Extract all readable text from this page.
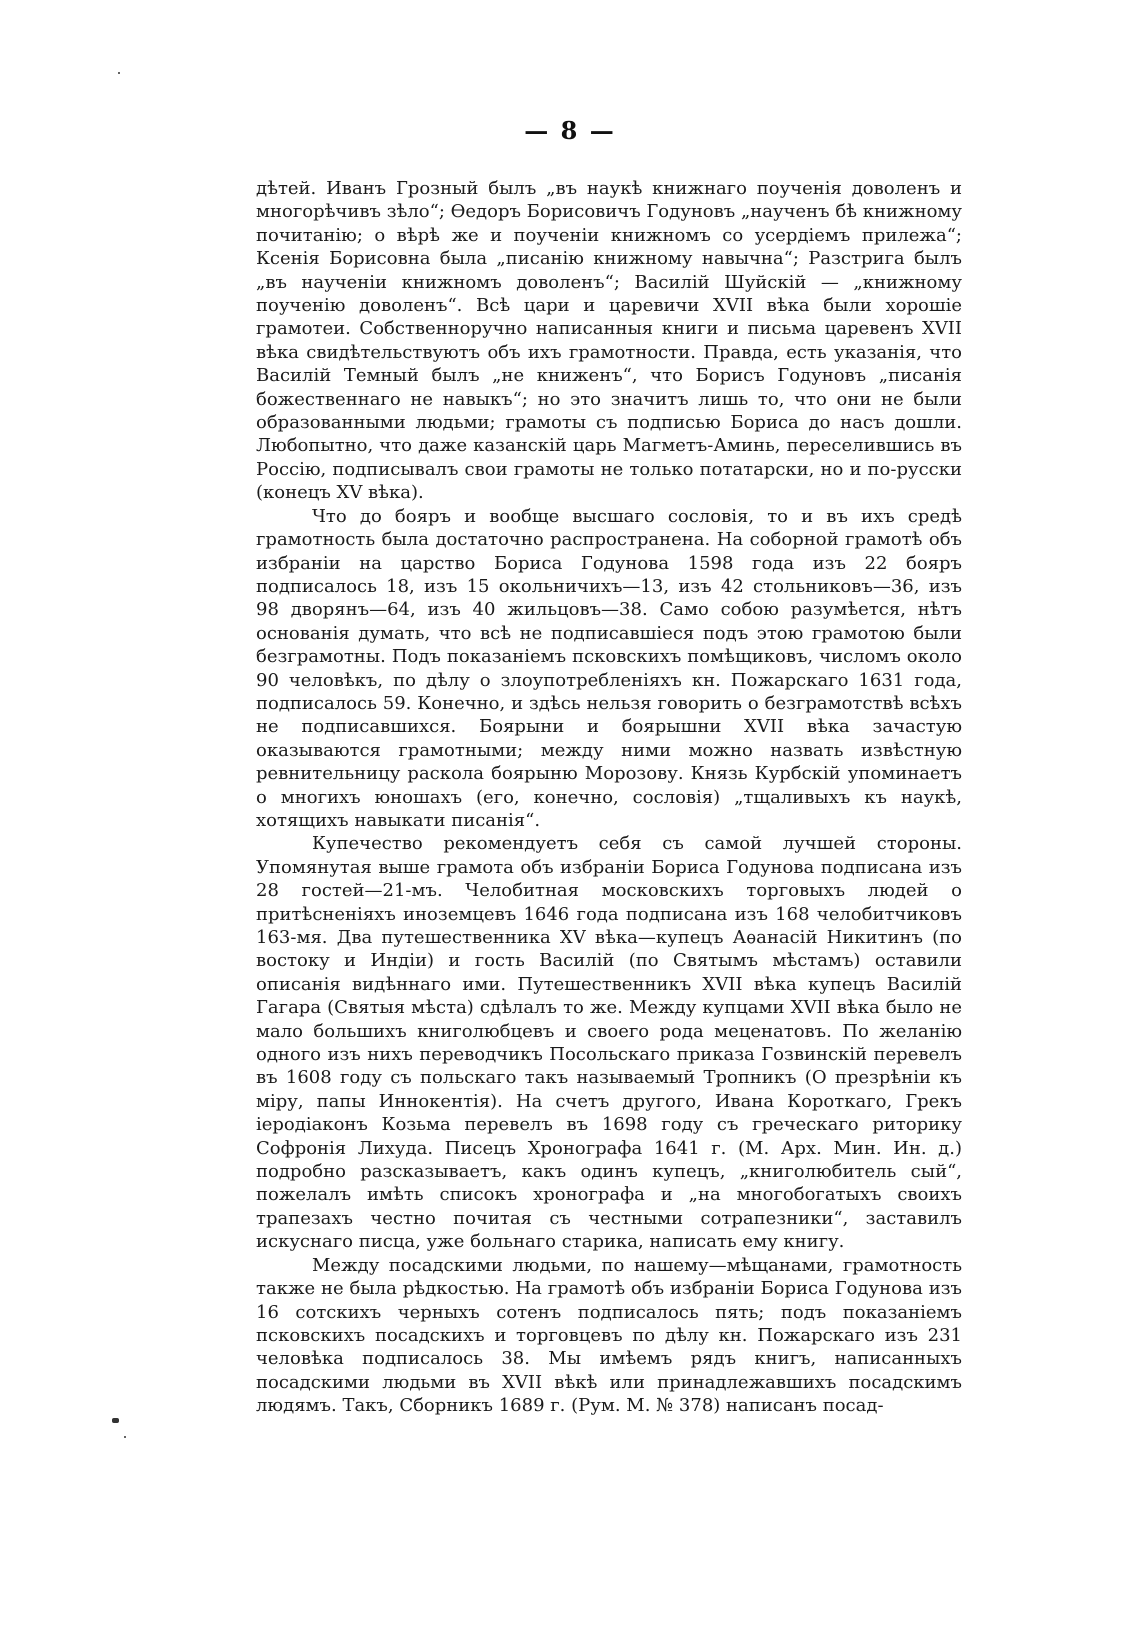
— 8 —

дѣтей. Иванъ Грозный былъ „въ наукѣ книжнаго поученія доволенъ и многорѣчивъ зѣло“; Ѳедоръ Борисовичъ Годуновъ „наученъ бѣ книжному почитанію; о вѣрѣ же и поученіи книжномъ со усердіемъ прилежа“; Ксенія Борисовна была „писанію книжному навычна“; Разстрига былъ „въ наученіи книжномъ доволенъ“; Василій Шуйскій — „книжному поученію доволенъ“. Всѣ цари и царевичи XVII вѣка были хорошіе грамотеи. Собственноручно написанныя книги и письма царевенъ XVII вѣка свидѣтельствуютъ объ ихъ грамотности. Правда, есть указанія, что Василій Темный былъ „не книженъ“, что Борисъ Годуновъ „писанія божественнаго не навыкъ“; но это значитъ лишь то, что они не были образованными людьми; грамоты съ подписью Бориса до насъ дошли. Любопытно, что даже казанскій царь Магметъ-Аминь, переселившись въ Россію, подписывалъ свои грамоты не только потатарски, но и по-русски (конецъ XV вѣка).

Что до бояръ и вообще высшаго сословія, то и въ ихъ средѣ грамотность была достаточно распространена. На соборной грамотѣ объ избраніи на царство Бориса Годунова 1598 года изъ 22 бояръ подписалось 18, изъ 15 окольничихъ—13, изъ 42 стольниковъ—36, изъ 98 дворянъ—64, изъ 40 жильцовъ—38. Само собою разумѣется, нѣтъ основанія думать, что всѣ не подписавшіеся подъ этою грамотою были безграмотны. Подъ показаніемъ псковскихъ помѣщиковъ, числомъ около 90 человѣкъ, по дѣлу о злоупотребленіяхъ кн. Пожарскаго 1631 года, подписалось 59. Конечно, и здѣсь нельзя говорить о безграмотствѣ всѣхъ не подписавшихся. Боярыни и боярышни XVII вѣка зачастую оказываются грамотными; между ними можно назвать извѣстную ревнительницу раскола боярыню Морозову. Князь Курбскій упоминаетъ о многихъ юношахъ (его, конечно, сословія) „тщаливыхъ къ наукѣ, хотящихъ навыкати писанія“.

Купечество рекомендуетъ себя съ самой лучшей стороны. Упомянутая выше грамота объ избраніи Бориса Годунова подписана изъ 28 гостей—21-мъ. Челобитная московскихъ торговыхъ людей о притѣсненіяхъ иноземцевъ 1646 года подписана изъ 168 челобитчиковъ 163-мя. Два путешественника XV вѣка—купецъ Аѳанасій Никитинъ (по востоку и Индіи) и гость Василій (по Святымъ мѣстамъ) оставили описанія видѣннаго ими. Путешественникъ XVII вѣка купецъ Василій Гагара (Святыя мѣста) сдѣлалъ то же. Между купцами XVII вѣка было не мало большихъ книголюбцевъ и своего рода меценатовъ. По желанію одного изъ нихъ переводчикъ Посольскаго приказа Гозвинскій перевелъ въ 1608 году съ польскаго такъ называемый Тропникъ (О презрѣніи къ міру, папы Иннокентія). На счетъ другого, Ивана Короткаго, Грекъ іеродіаконъ Козьма перевелъ въ 1698 году съ греческаго риторику Софронія Лихуда. Писецъ Хронографа 1641 г. (М. Арх. Мин. Ин. д.) подробно разсказываетъ, какъ одинъ купецъ, „книголюбитель сый“, пожелалъ имѣть списокъ хронографа и „на многобогатыхъ своихъ трапезахъ честно почитая съ честными сотрапезники“, заставилъ искуснаго писца, уже больнаго старика, написать ему книгу.

Между посадскими людьми, по нашему—мѣщанами, грамотность также не была рѣдкостью. На грамотѣ объ избраніи Бориса Годунова изъ 16 сотскихъ черныхъ сотенъ подписалось пять; подъ показаніемъ псковскихъ посадскихъ и торговцевъ по дѣлу кн. Пожарскаго изъ 231 человѣка подписалось 38. Мы имѣемъ рядъ книгъ, написанныхъ посадскими людьми въ XVII вѣкѣ или принадлежавшихъ посадскимъ людямъ. Такъ, Сборникъ 1689 г. (Рум. М. № 378) написанъ посад-
